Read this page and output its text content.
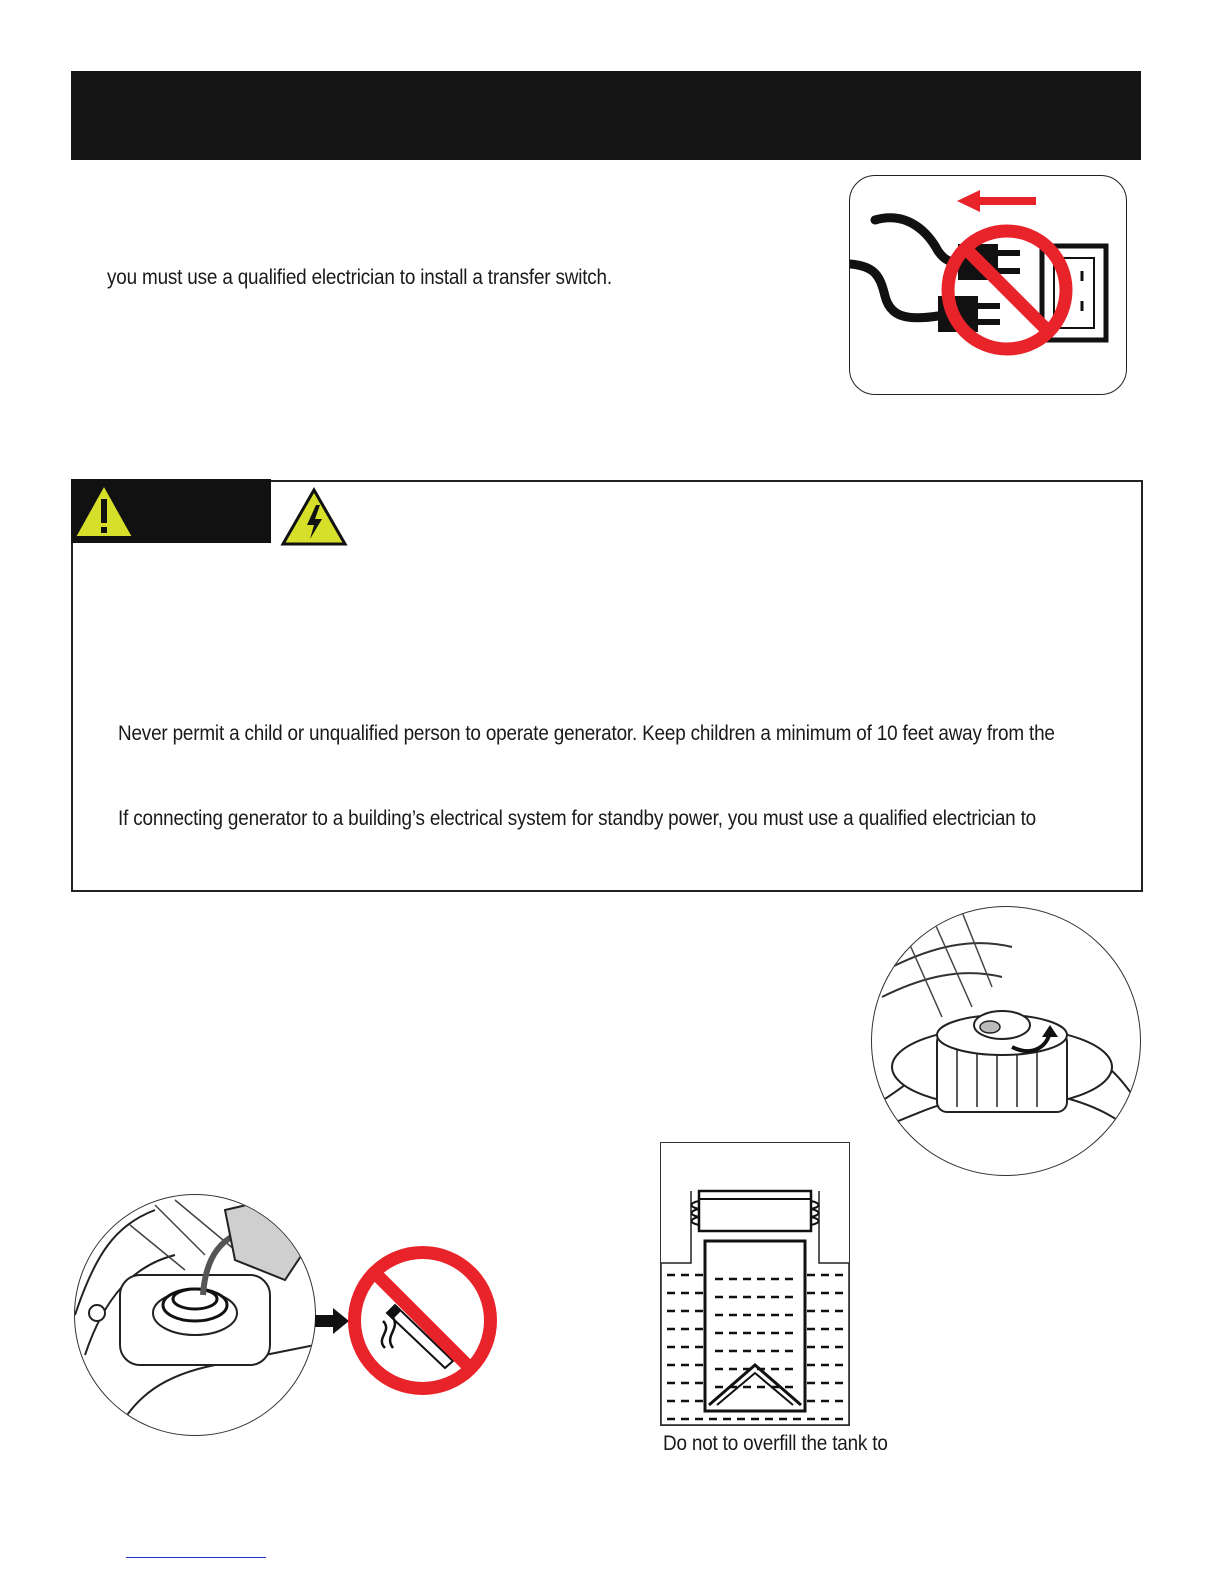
you must use a qualified electrician to install a transfer switch.
Never permit a child or unqualified person to operate generator. Keep children a minimum of 10 feet away from the
If connecting generator to a building’s electrical system for standby power, you must use a qualified electrician to
Do not to overfill the tank to
